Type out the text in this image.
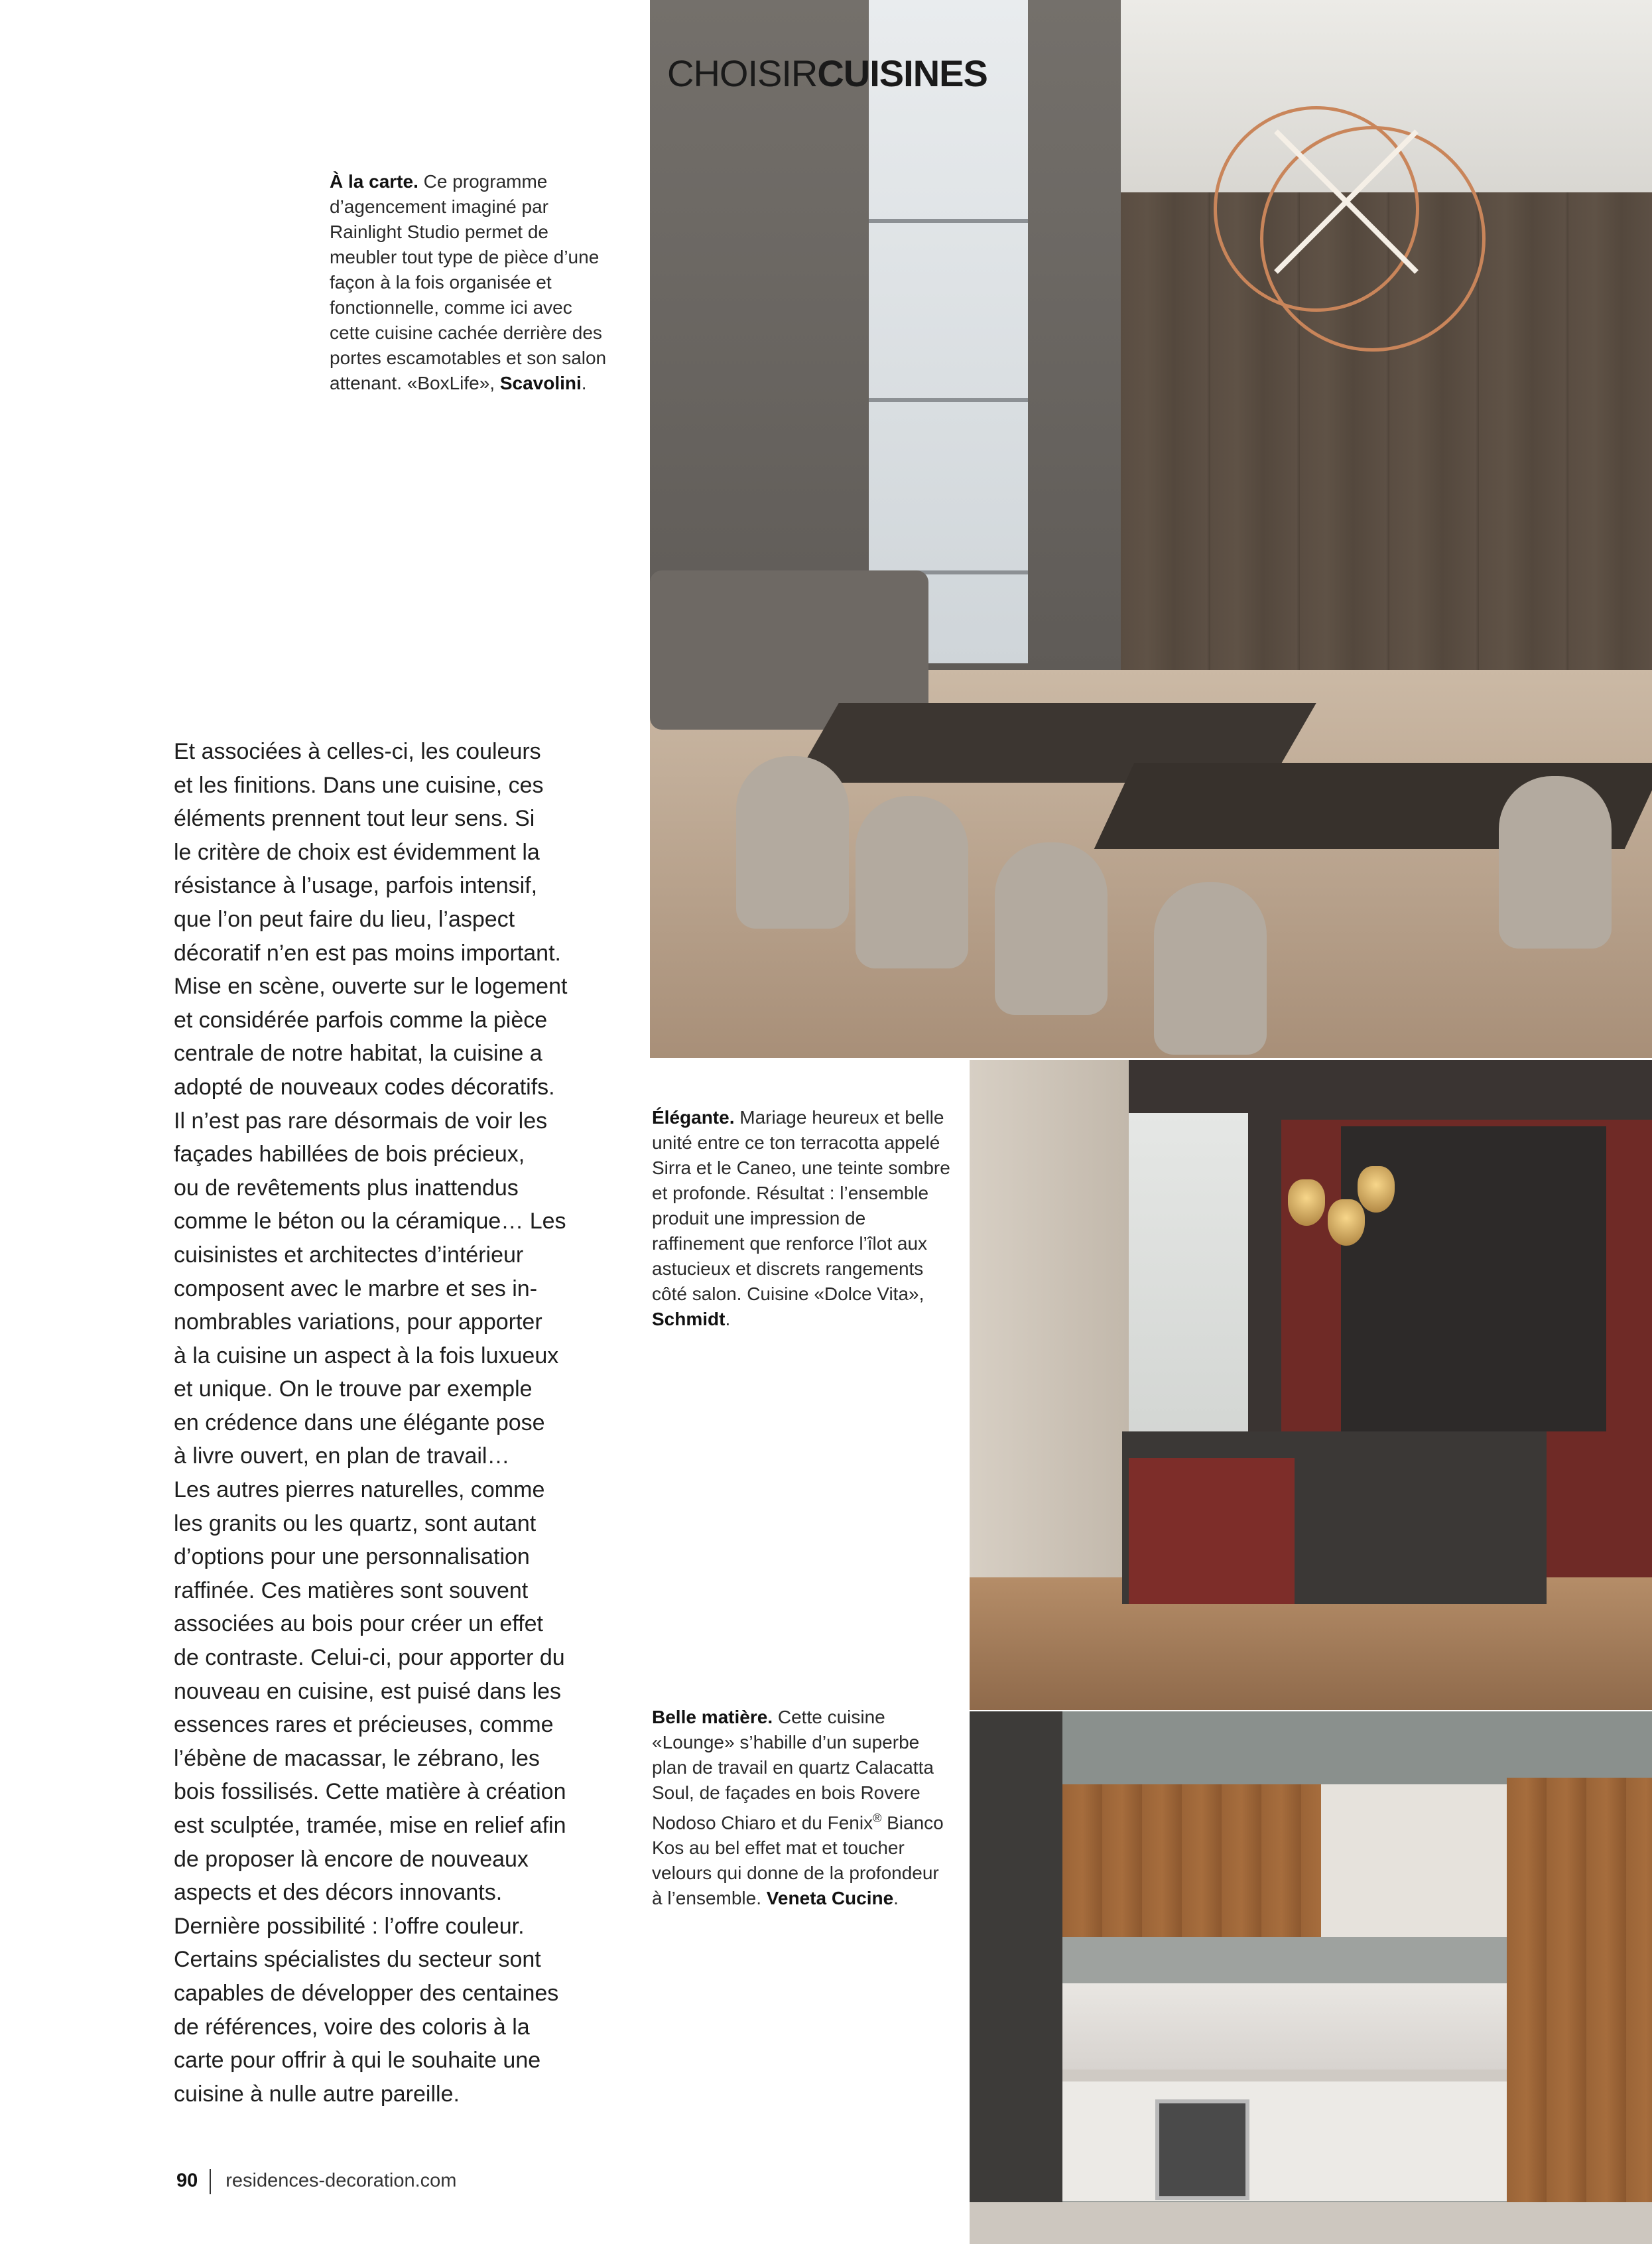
CHOISIRCUISINES
À la carte. Ce programme d’agencement imaginé par Rainlight Studio permet de meubler tout type de pièce d’une façon à la fois organisée et fonctionnelle, comme ici avec cette cuisine cachée derrière des portes escamotables et son salon attenant. «BoxLife», Scavolini.
Élégante. Mariage heureux et belle unité entre ce ton terracotta appelé Sirra et le Caneo, une teinte sombre et profonde. Résultat : l’ensemble produit une impression de raffinement que renforce l’îlot aux astucieux et discrets rangements côté salon. Cuisine «Dolce Vita», Schmidt.
Belle matière. Cette cuisine «Lounge» s’habille d’un superbe plan de travail en quartz Calacatta Soul, de façades en bois Rovere Nodoso Chiaro et du Fenix® Bianco Kos au bel effet mat et toucher velours qui donne de la profondeur à l’ensemble. Veneta Cucine.
Et associées à celles-ci, les couleurs
et les finitions. Dans une cuisine, ces
éléments prennent tout leur sens. Si
le critère de choix est évidemment la
résistance à l’usage, parfois intensif,
que l’on peut faire du lieu, l’aspect
décoratif n’en est pas moins important.
Mise en scène, ouverte sur le logement
et considérée parfois comme la pièce
centrale de notre habitat, la cuisine a
adopté de nouveaux codes décoratifs.
Il n’est pas rare désormais de voir les
façades habillées de bois précieux,
ou de revêtements plus inattendus
comme le béton ou la céramique… Les
cuisinistes et architectes d’intérieur
composent avec le marbre et ses in-
nombrables variations, pour apporter
à la cuisine un aspect à la fois luxueux
et unique. On le trouve par exemple
en crédence dans une élégante pose
à livre ouvert, en plan de travail…
Les autres pierres naturelles, comme
les granits ou les quartz, sont autant
d’options pour une personnalisation
raffinée. Ces matières sont souvent
associées au bois pour créer un effet
de contraste. Celui-ci, pour apporter du
nouveau en cuisine, est puisé dans les
essences rares et précieuses, comme
l’ébène de macassar, le zébrano, les
bois fossilisés. Cette matière à création
est sculptée, tramée, mise en relief afin
de proposer là encore de nouveaux
aspects et des décors innovants.
Dernière possibilité : l’offre couleur.
Certains spécialistes du secteur sont
capables de développer des centaines
de références, voire des coloris à la
carte pour offrir à qui le souhaite une
cuisine à nulle autre pareille.
90 residences-decoration.com
